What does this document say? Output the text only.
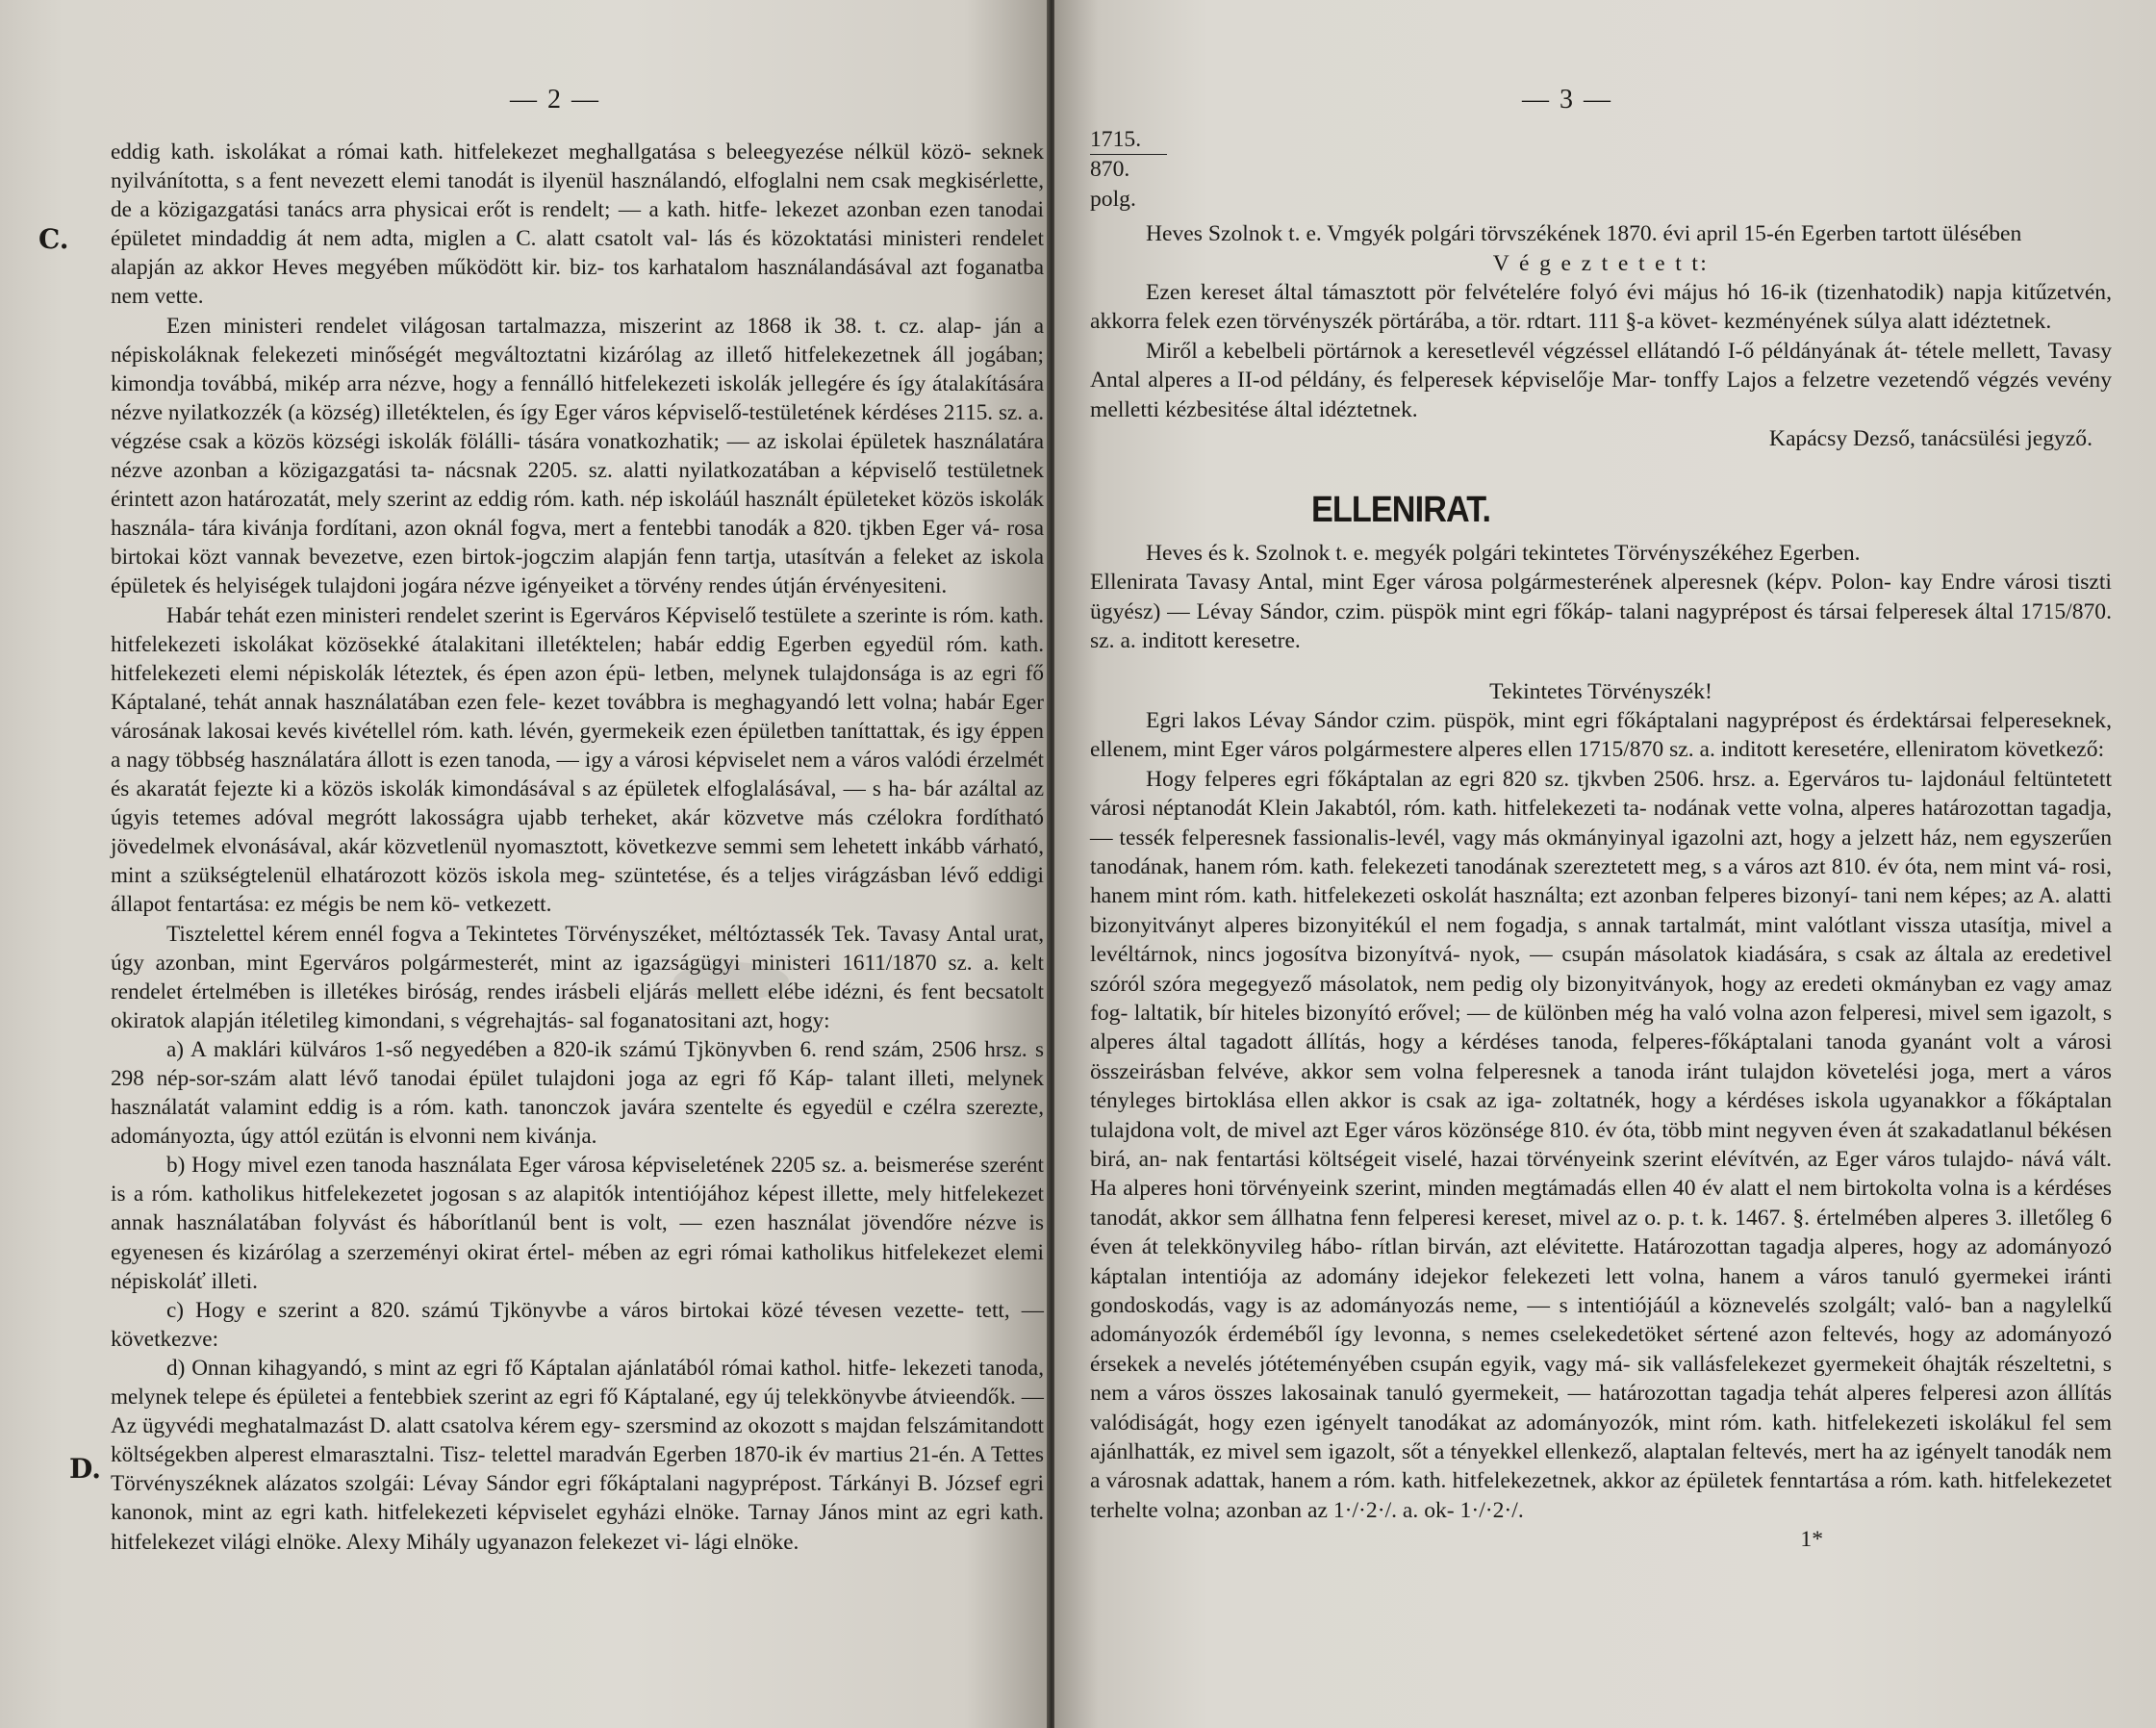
— 2 —
C.
D.

eddig kath. iskolákat a római kath. hitfelekezet meghallgatása s beleegyezése nélkül közö- seknek nyilvánította, s a fent nevezett elemi tanodát is ilyenül használandó, elfoglalni nem csak megkisérlette, de a közigazgatási tanács arra physicai erőt is rendelt; — a kath. hitfe- lekezet azonban ezen tanodai épületet mindaddig át nem adta, miglen a C. alatt csatolt val- lás és közoktatási ministeri rendelet alapján az akkor Heves megyében működött kir. biz- tos karhatalom használandásával azt foganatba nem vette.

Ezen ministeri rendelet világosan tartalmazza, miszerint az 1868 ik 38. t. cz. alap- ján a népiskoláknak felekezeti minőségét megváltoztatni kizárólag az illető hitfelekezetnek áll jogában; kimondja továbbá, mikép arra nézve, hogy a fennálló hitfelekezeti iskolák jellegére és így átalakítására nézve nyilatkozzék (a község) illetéktelen, és így Eger város képviselő-testületének kérdéses 2115. sz. a. végzése csak a közös községi iskolák fölálli- tására vonatkozhatik; — az iskolai épületek használatára nézve azonban a közigazgatási ta- nácsnak 2205. sz. alatti nyilatkozatában a képviselő testületnek érintett azon határozatát, mely szerint az eddig róm. kath. nép iskoláúl használt épületeket közös iskolák használa- tára kivánja fordítani, azon oknál fogva, mert a fentebbi tanodák a 820. tjkben Eger vá- rosa birtokai közt vannak bevezetve, ezen birtok-jogczim alapján fenn tartja, utasítván a feleket az iskola épületek és helyiségek tulajdoni jogára nézve igényeiket a törvény rendes útján érvényesiteni.

Habár tehát ezen ministeri rendelet szerint is Egerváros Képviselő testülete a szerinte is róm. kath. hitfelekezeti iskolákat közösekké átalakitani illetéktelen; habár eddig Egerben egyedül róm. kath. hitfelekezeti elemi népiskolák léteztek, és épen azon épü- letben, melynek tulajdonsága is az egri fő Káptalané, tehát annak használatában ezen fele- kezet továbbra is meghagyandó lett volna; habár Eger városának lakosai kevés kivétellel róm. kath. lévén, gyermekeik ezen épületben taníttattak, és igy éppen a nagy többség használatára állott is ezen tanoda, — igy a városi képviselet nem a város valódi érzelmét és akaratát fejezte ki a közös iskolák kimondásával s az épületek elfoglalásával, — s ha- bár azáltal az úgyis tetemes adóval megrótt lakosságra ujabb terheket, akár közvetve más czélokra fordítható jövedelmek elvonásával, akár közvetlenül nyomasztott, következve semmi sem lehetett inkább várható, mint a szükségtelenül elhatározott közös iskola meg- szüntetése, és a teljes virágzásban lévő eddigi állapot fentartása: ez mégis be nem kö- vetkezett.

Tisztelettel kérem ennél fogva a Tekintetes Törvényszéket, méltóztassék Tek. Tavasy Antal urat, úgy azonban, mint Egerváros polgármesterét, mint az igazságügyi ministeri 1611/1870 sz. a. kelt rendelet értelmében is illetékes biróság, rendes irásbeli eljárás mellett elébe idézni, és fent becsatolt okiratok alapján itéletileg kimondani, s végrehajtás- sal foganatositani azt, hogy:

a) A maklári külváros 1-ső negyedében a 820-ik számú Tjkönyvben 6. rend szám, 2506 hrsz. s 298 nép-sor-szám alatt lévő tanodai épület tulajdoni joga az egri fő Káp- talant illeti, melynek használatát valamint eddig is a róm. kath. tanonczok javára szentelte és egyedül e czélra szerezte, adományozta, úgy attól ezütán is elvonni nem kivánja.

b) Hogy mivel ezen tanoda használata Eger városa képviseletének 2205 sz. a. beismerése szerént is a róm. katholikus hitfelekezetet jogosan s az alapitók intentiójához képest illette, mely hitfelekezet annak használatában folyvást és háborítlanúl bent is volt, — ezen használat jövendőre nézve is egyenesen és kizárólag a szerzeményi okirat értel- mében az egri római katholikus hitfelekezet elemi népiskoláť illeti.

c) Hogy e szerint a 820. számú Tjkönyvbe a város birtokai közé tévesen vezette- tett, — következve:

d) Onnan kihagyandó, s mint az egri fő Káptalan ajánlatából római kathol. hitfe- lekezeti tanoda, melynek telepe és épületei a fentebbiek szerint az egri fő Káptalané, egy új telekkönyvbe átvieendők. — Az ügyvédi meghatalmazást D. alatt csatolva kérem egy- szersmind az okozott s majdan felszámitandott költségekben alperest elmarasztalni. Tisz- telettel maradván Egerben 1870-ik év martius 21-én. A Tettes Törvényszéknek alázatos szolgái: Lévay Sándor egri főkáptalani nagyprépost. Tárkányi B. József egri kanonok, mint az egri kath. hitfelekezeti képviselet egyházi elnöke. Tarnay János mint az egri kath. hitfelekezet világi elnöke. Alexy Mihály ugyanazon felekezet vi- lági elnöke.

— 3 —

1715.
870. polg.

Heves Szolnok t. e. Vmgyék polgári törvszékének 1870. évi april 15-én Egerben tartott ülésében

V é g e z t e t e t t:

Ezen kereset által támasztott pör felvételére folyó évi május hó 16-ik (tizenhatodik) napja kitűzetvén, akkorra felek ezen törvényszék pörtárába, a tör. rdtart. 111 §-a követ- kezményének súlya alatt idéztetnek.

Miről a kebelbeli pörtárnok a keresetlevél végzéssel ellátandó I-ő példányának át- tétele mellett, Tavasy Antal alperes a II-od példány, és felperesek képviselője Mar- tonffy Lajos a felzetre vezetendő végzés vevény melletti kézbesitése által idéztetnek.

Kapácsy Dezső, tanácsülési jegyző.

ELLENIRAT.

Heves és k. Szolnok t. e. megyék polgári tekintetes Törvényszékéhez Egerben.

Ellenirata Tavasy Antal, mint Eger városa polgármesterének alperesnek (képv. Polon- kay Endre városi tiszti ügyész) — Lévay Sándor, czim. püspök mint egri főkáp- talani nagyprépost és társai felperesek által 1715/870. sz. a. inditott keresetre.

Tekintetes Törvényszék!

Egri lakos Lévay Sándor czim. püspök, mint egri főkáptalani nagyprépost és érdektársai felpereseknek, ellenem, mint Eger város polgármestere alperes ellen 1715/870 sz. a. inditott keresetére, elleniratom következő:

Hogy felperes egri főkáptalan az egri 820 sz. tjkvben 2506. hrsz. a. Egerváros tu- lajdonául feltüntetett városi néptanodát Klein Jakabtól, róm. kath. hitfelekezeti ta- nodának vette volna, alperes határozottan tagadja, — tessék felperesnek fassionalis-levél, vagy más okmányinyal igazolni azt, hogy a jelzett ház, nem egyszerűen tanodának, hanem róm. kath. felekezeti tanodának szereztetett meg, s a város azt 810. év óta, nem mint vá- rosi, hanem mint róm. kath. hitfelekezeti oskolát használta; ezt azonban felperes bizonyí- tani nem képes; az A. alatti bizonyitványt alperes bizonyitékúl el nem fogadja, s annak tartalmát, mint valótlant vissza utasítja, mivel a levéltárnok, nincs jogosítva bizonyítvá- nyok, — csupán másolatok kiadására, s csak az általa az eredetivel szóról szóra megegyező másolatok, nem pedig oly bizonyitványok, hogy az eredeti okmányban ez vagy amaz fog- laltatik, bír hiteles bizonyító erővel; — de különben még ha való volna azon felperesi, mivel sem igazolt, s alperes által tagadott állítás, hogy a kérdéses tanoda, felperes-főkáptalani tanoda gyanánt volt a városi összeirásban felvéve, akkor sem volna felperesnek a tanoda iránt tulajdon követelési joga, mert a város tényleges birtoklása ellen akkor is csak az iga- zoltatnék, hogy a kérdéses iskola ugyanakkor a főkáptalan tulajdona volt, de mivel azt Eger város közönsége 810. év óta, több mint negyven éven át szakadatlanul békésen birá, an- nak fentartási költségeit viselé, hazai törvényeink szerint elévítvén, az Eger város tulajdo- nává vált. Ha alperes honi törvényeink szerint, minden megtámadás ellen 40 év alatt el nem birtokolta volna is a kérdéses tanodát, akkor sem állhatna fenn felperesi kereset, mivel az o. p. t. k. 1467. §. értelmében alperes 3. illetőleg 6 éven át telekkönyvileg hábo- rítlan birván, azt elévitette. Határozottan tagadja alperes, hogy az adományozó káptalan intentiója az adomány idejekor felekezeti lett volna, hanem a város tanuló gyermekei iránti gondoskodás, vagy is az adományozás neme, — s intentiójáúl a köznevelés szolgált; való- ban a nagylelkű adományozók érdeméből így levonna, s nemes cselekedetöket sértené azon feltevés, hogy az adományozó érsekek a nevelés jótéteményében csupán egyik, vagy má- sik vallásfelekezet gyermekeit óhajták részeltetni, s nem a város összes lakosainak tanuló gyermekeit, — határozottan tagadja tehát alperes felperesi azon állítás valódiságát, hogy ezen igényelt tanodákat az adományozók, mint róm. kath. hitfelekezeti iskolákul fel sem ajánlhatták, ez mivel sem igazolt, sőt a tényekkel ellenkező, alaptalan feltevés, mert ha az igényelt tanodák nem a városnak adattak, hanem a róm. kath. hitfelekezetnek, akkor az épületek fenntartása a róm. kath. hitfelekezetet terhelte volna; azonban az 1·/·2·/. a. ok- 1·/·2·/.

1*
